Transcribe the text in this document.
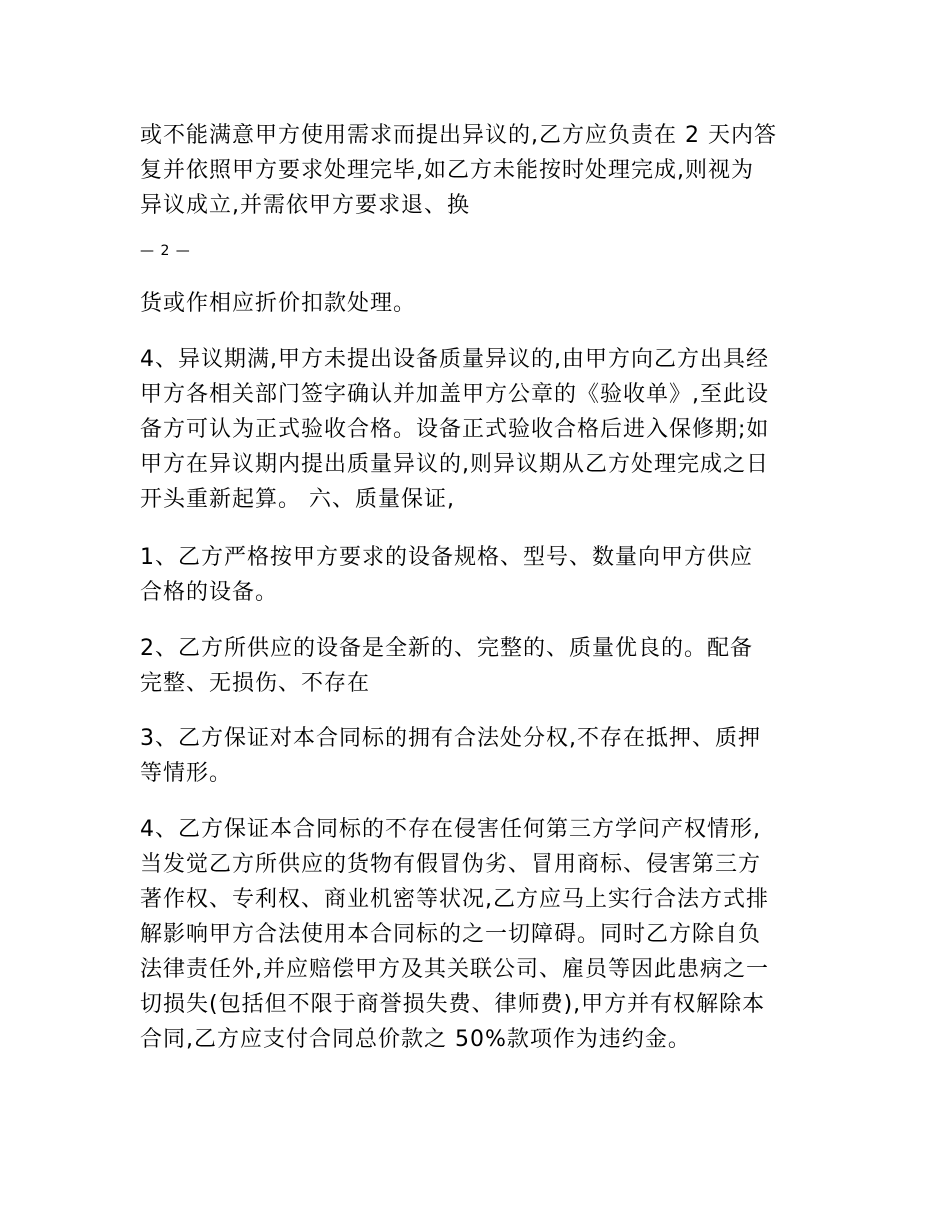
或不能满意甲方使用需求而提出异议的,乙方应负责在 2 天内答
复并依照甲方要求处理完毕,如乙方未能按时处理完成,则视为
异议成立,并需依甲方要求退、换

— 2 —

货或作相应折价扣款处理。

4、异议期满,甲方未提出设备质量异议的,由甲方向乙方出具经
甲方各相关部门签字确认并加盖甲方公章的《验收单》,至此设
备方可认为正式验收合格。设备正式验收合格后进入保修期;如
甲方在异议期内提出质量异议的,则异议期从乙方处理完成之日
开头重新起算。 六、质量保证,

1、乙方严格按甲方要求的设备规格、型号、数量向甲方供应
合格的设备。

2、乙方所供应的设备是全新的、完整的、质量优良的。配备
完整、无损伤、不存在

3、乙方保证对本合同标的拥有合法处分权,不存在抵押、质押
等情形。

4、乙方保证本合同标的不存在侵害任何第三方学问产权情形,
当发觉乙方所供应的货物有假冒伪劣、冒用商标、侵害第三方
著作权、专利权、商业机密等状况,乙方应马上实行合法方式排
解影响甲方合法使用本合同标的之一切障碍。同时乙方除自负
法律责任外,并应赔偿甲方及其关联公司、雇员等因此患病之一
切损失(包括但不限于商誉损失费、律师费),甲方并有权解除本
合同,乙方应支付合同总价款之 50%款项作为违约金。
